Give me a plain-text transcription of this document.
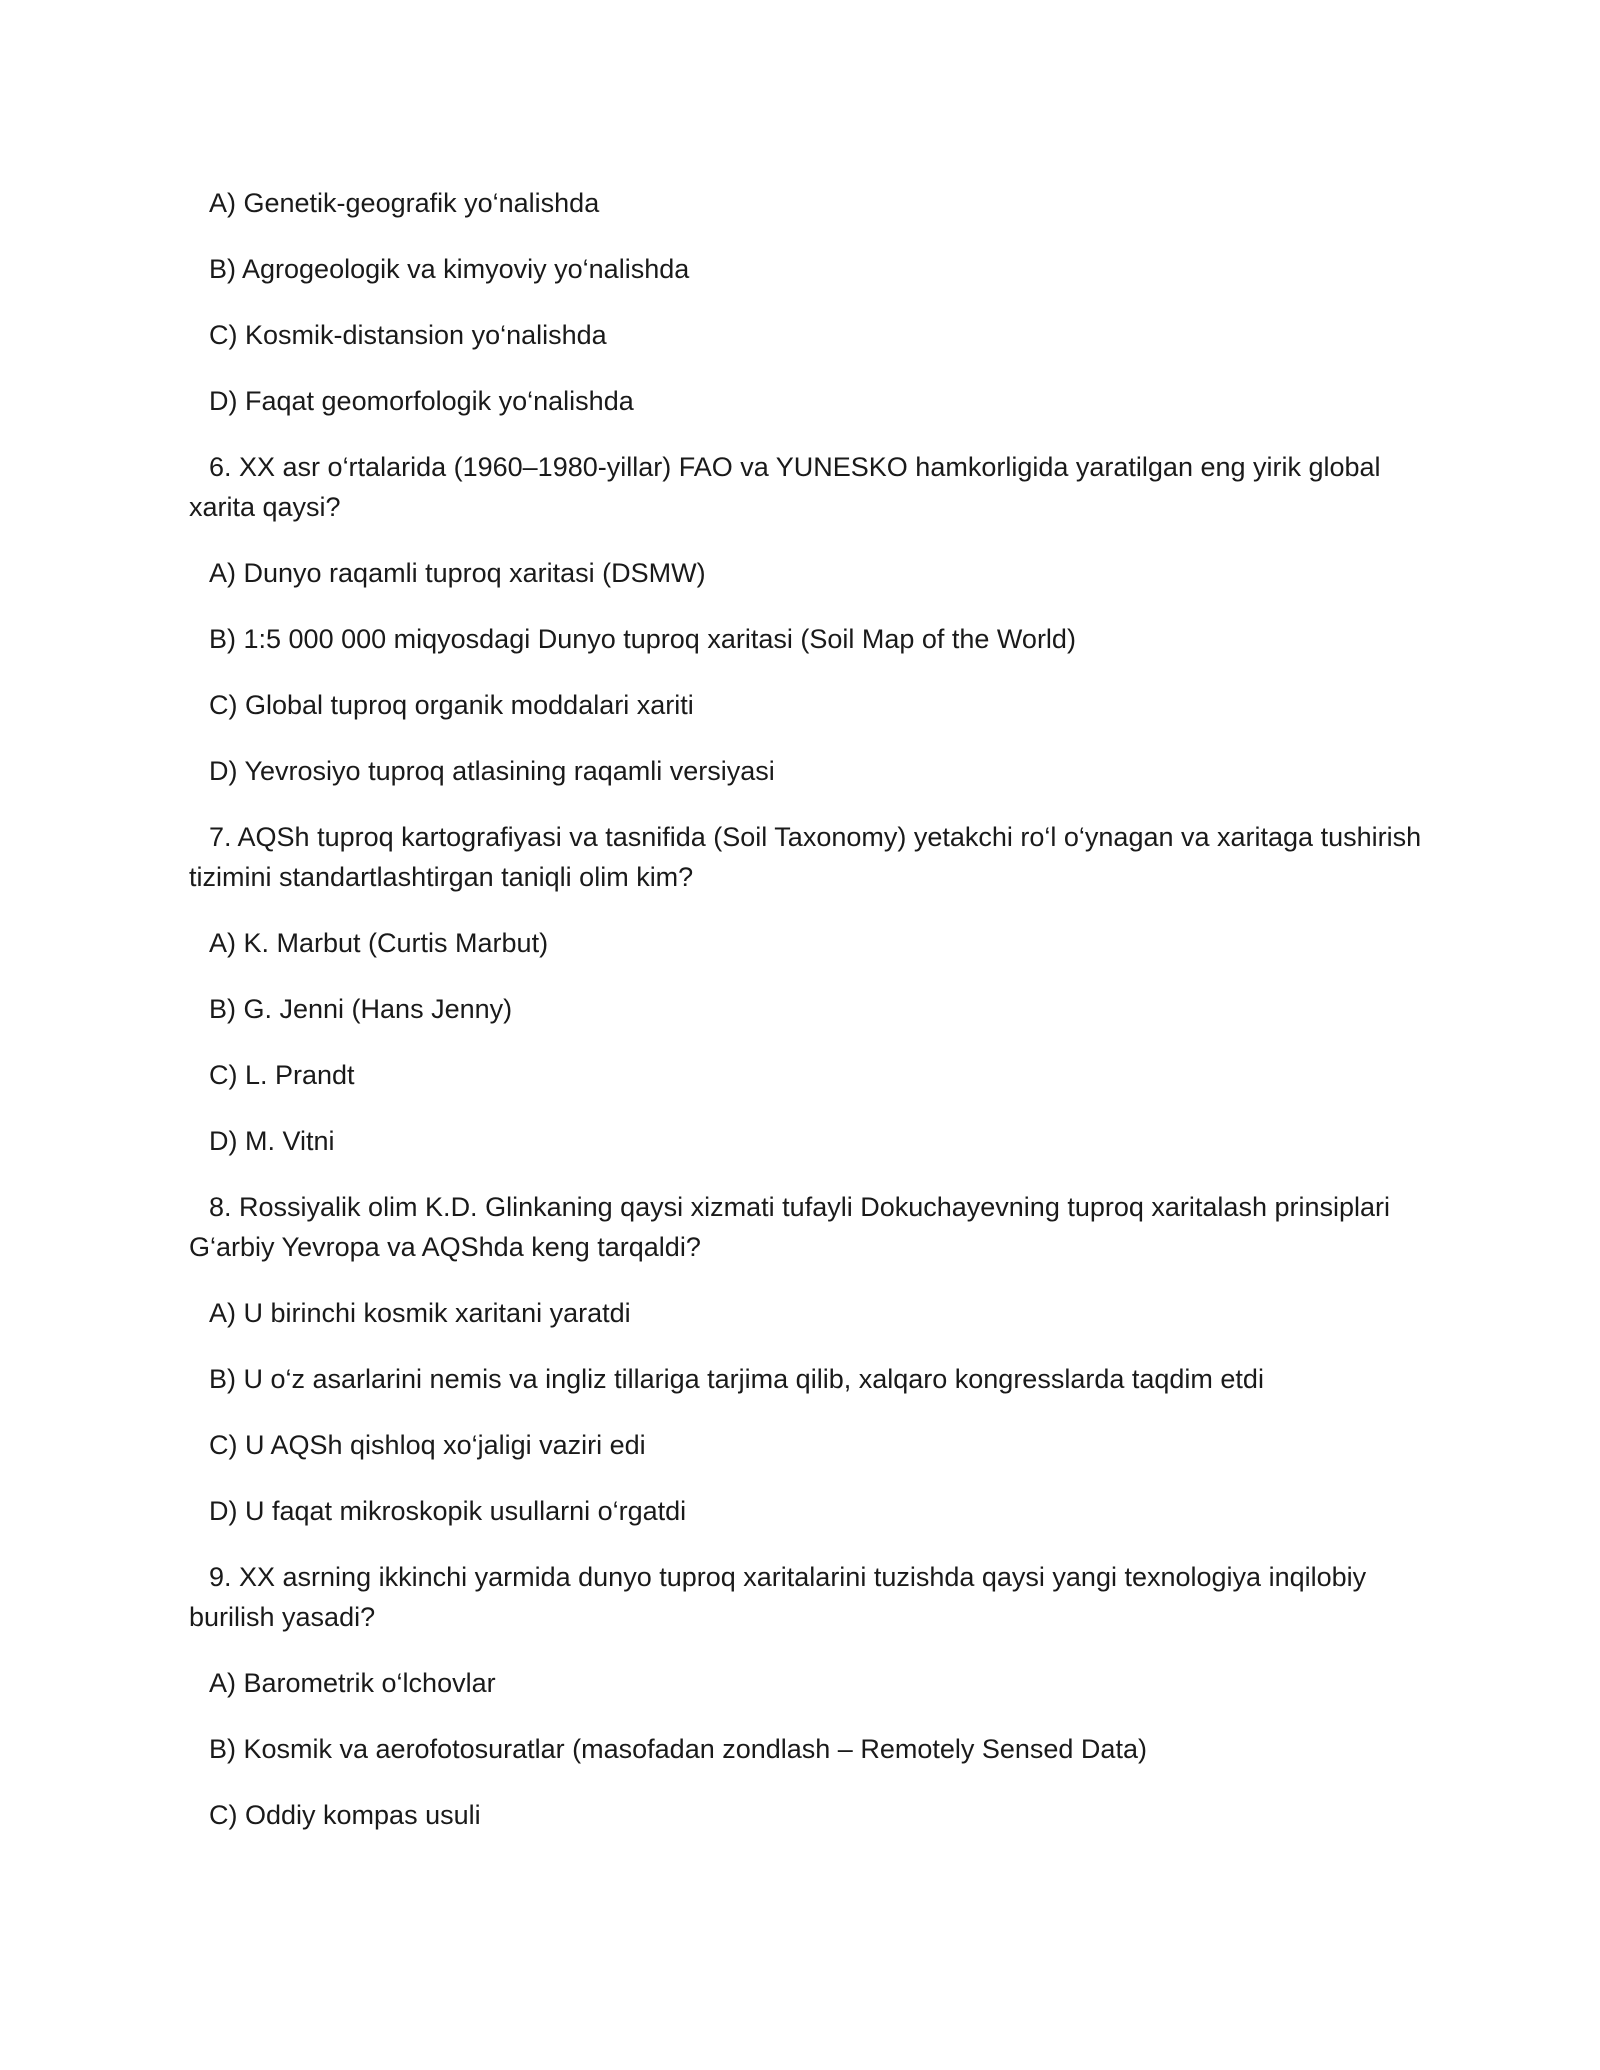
A) Genetik-geografik yo‘nalishda

B) Agrogeologik va kimyoviy yo‘nalishda

C) Kosmik-distansion yo‘nalishda

D) Faqat geomorfologik yo‘nalishda

6. XX asr o‘rtalarida (1960–1980-yillar) FAO va YUNESKO hamkorligida yaratilgan eng yirik global xarita qaysi?

A) Dunyo raqamli tuproq xaritasi (DSMW)

B) 1:5 000 000 miqyosdagi Dunyo tuproq xaritasi (Soil Map of the World)

C) Global tuproq organik moddalari xariti

D) Yevrosiyo tuproq atlasining raqamli versiyasi

7. AQSh tuproq kartografiyasi va tasnifida (Soil Taxonomy) yetakchi ro‘l o‘ynagan va xaritaga tushirish tizimini standartlashtirgan taniqli olim kim?

A) K. Marbut (Curtis Marbut)

B) G. Jenni (Hans Jenny)

C) L. Prandt

D) M. Vitni

8. Rossiyalik olim K.D. Glinkaning qaysi xizmati tufayli Dokuchayevning tuproq xaritalash prinsiplari G‘arbiy Yevropa va AQShda keng tarqaldi?

A) U birinchi kosmik xaritani yaratdi

B) U o‘z asarlarini nemis va ingliz tillariga tarjima qilib, xalqaro kongresslarda taqdim etdi

C) U AQSh qishloq xo‘jaligi vaziri edi

D) U faqat mikroskopik usullarni o‘rgatdi

9. XX asrning ikkinchi yarmida dunyo tuproq xaritalarini tuzishda qaysi yangi texnologiya inqilobiy burilish yasadi?

A) Barometrik o‘lchovlar

B) Kosmik va aerofotosuratlar (masofadan zondlash – Remotely Sensed Data)

C) Oddiy kompas usuli
